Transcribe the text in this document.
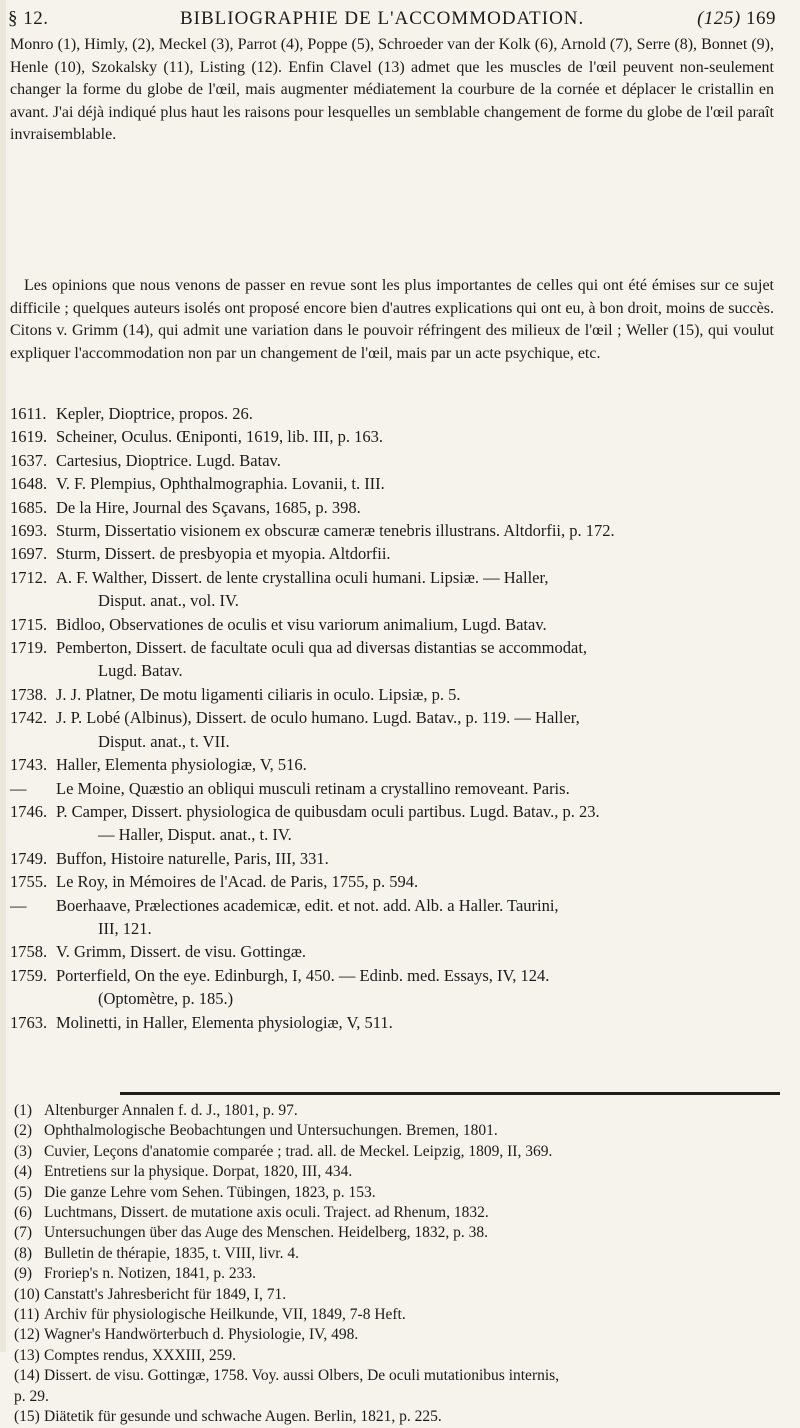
§ 12.	BIBLIOGRAPHIE DE L'ACCOMMODATION.	(125) 169

Monro (1), Himly, (2), Meckel (3), Parrot (4), Poppe (5), Schroeder van der Kolk (6), Arnold (7), Serre (8), Bonnet (9), Henle (10), Szokalsky (11), Listing (12). Enfin Clavel (13) admet que les muscles de l'œil peuvent non-seulement changer la forme du globe de l'œil, mais augmenter médiatement la courbure de la cornée et déplacer le cristallin en avant. J'ai déjà indiqué plus haut les raisons pour lesquelles un semblable changement de forme du globe de l'œil paraît invraisemblable.

Les opinions que nous venons de passer en revue sont les plus importantes de celles qui ont été émises sur ce sujet difficile ; quelques auteurs isolés ont proposé encore bien d'autres explications qui ont eu, à bon droit, moins de succès. Citons v. Grimm (14), qui admit une variation dans le pouvoir réfringent des milieux de l'œil ; Weller (15), qui voulut expliquer l'accommodation non par un changement de l'œil, mais par un acte psychique, etc.

1611. Kepler, Dioptrice, propos. 26.
1619. Scheiner, Oculus. Œniponti, 1619, lib. III, p. 163.
1637. Cartesius, Dioptrice. Lugd. Batav.
1648. V. F. Plempius, Ophthalmographia. Lovanii, t. III.
1685. De la Hire, Journal des Sçavans, 1685, p. 398.
1693. Sturm, Dissertatio visionem ex obscuræ cameræ tenebris illustrans. Altdorfii, p. 172.
1697. Sturm, Dissert. de presbyopia et myopia. Altdorfii.
1712. A. F. Walther, Dissert. de lente crystallina oculi humani. Lipsiæ. — Haller,
Disput. anat., vol. IV.
1715. Bidloo, Observationes de oculis et visu variorum animalium, Lugd. Batav.
1719. Pemberton, Dissert. de facultate oculi qua ad diversas distantias se accommodat,
Lugd. Batav.
1738. J. J. Platner, De motu ligamenti ciliaris in oculo. Lipsiæ, p. 5.
1742. J. P. Lobé (Albinus), Dissert. de oculo humano. Lugd. Batav., p. 119. — Haller,
Disput. anat., t. VII.
1743. Haller, Elementa physiologiæ, V, 516.
—	Le Moine, Quæstio an obliqui musculi retinam a crystallino removeant. Paris.
1746. P. Camper, Dissert. physiologica de quibusdam oculi partibus. Lugd. Batav., p. 23.
— Haller, Disput. anat., t. IV.
1749. Buffon, Histoire naturelle, Paris, III, 331.
1755. Le Roy, in Mémoires de l'Acad. de Paris, 1755, p. 594.
—	Boerhaave, Prælectiones academicæ, edit. et not. add. Alb. a Haller. Taurini,
III, 121.
1758. V. Grimm, Dissert. de visu. Gottingæ.
1759. Porterfield, On the eye. Edinburgh, I, 450. — Edinb. med. Essays, IV, 124.
(Optomètre, p. 185.)
1763. Molinetti, in Haller, Elementa physiologiæ, V, 511.
(1) Altenburger Annalen f. d. J., 1801, p. 97.
(2) Ophthalmologische Beobachtungen und Untersuchungen. Bremen, 1801.
(3) Cuvier, Leçons d'anatomie comparée ; trad. all. de Meckel. Leipzig, 1809, II, 369.
(4) Entretiens sur la physique. Dorpat, 1820, III, 434.
(5) Die ganze Lehre vom Sehen. Tübingen, 1823, p. 153.
(6) Luchtmans, Dissert. de mutatione axis oculi. Traject. ad Rhenum, 1832.
(7) Untersuchungen über das Auge des Menschen. Heidelberg, 1832, p. 38.
(8) Bulletin de thérapie, 1835, t. VIII, livr. 4.
(9) Froriep's n. Notizen, 1841, p. 233.
(10) Canstatt's Jahresbericht für 1849, I, 71.
(11) Archiv für physiologische Heilkunde, VII, 1849, 7-8 Heft.
(12) Wagner's Handwörterbuch d. Physiologie, IV, 498.
(13) Comptes rendus, XXXIII, 259.
(14) Dissert. de visu. Gottingæ, 1758. Voy. aussi Olbers, De oculi mutationibus internis,
p. 29.
(15) Diätetik für gesunde und schwache Augen. Berlin, 1821, p. 225.
